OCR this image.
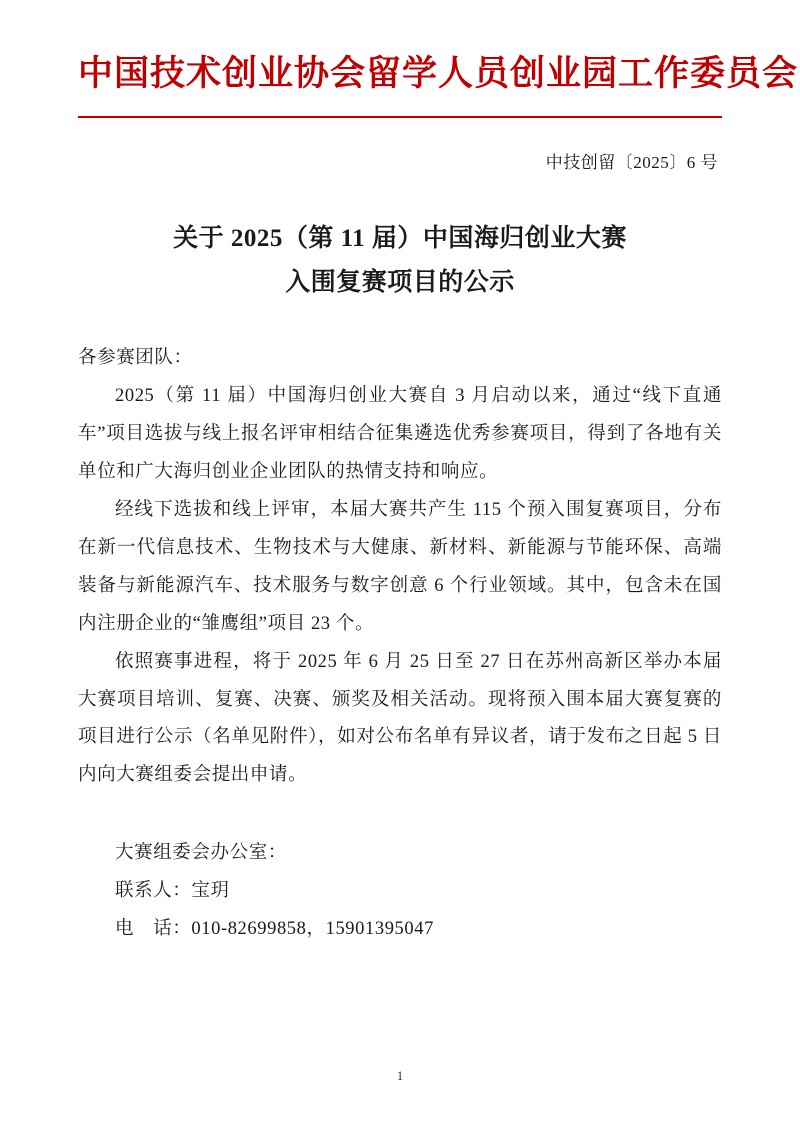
中国技术创业协会留学人员创业园工作委员会
中技创留〔2025〕6 号
关于 2025（第 11 届）中国海归创业大赛
入围复赛项目的公示

各参赛团队：

2025（第 11 届）中国海归创业大赛自 3 月启动以来，通过“线下直通车”项目选拔与线上报名评审相结合征集遴选优秀参赛项目，得到了各地有关单位和广大海归创业企业团队的热情支持和响应。

经线下选拔和线上评审，本届大赛共产生 115 个预入围复赛项目，分布在新一代信息技术、生物技术与大健康、新材料、新能源与节能环保、高端装备与新能源汽车、技术服务与数字创意 6 个行业领域。其中，包含未在国内注册企业的“雏鹰组”项目 23 个。

依照赛事进程，将于 2025 年 6 月 25 日至 27 日在苏州高新区举办本届大赛项目培训、复赛、决赛、颁奖及相关活动。现将预入围本届大赛复赛的项目进行公示（名单见附件），如对公布名单有异议者，请于发布之日起 5 日内向大赛组委会提出申请。

大赛组委会办公室：

联系人：宝玥

电　话：010-82699858，15901395047

1
